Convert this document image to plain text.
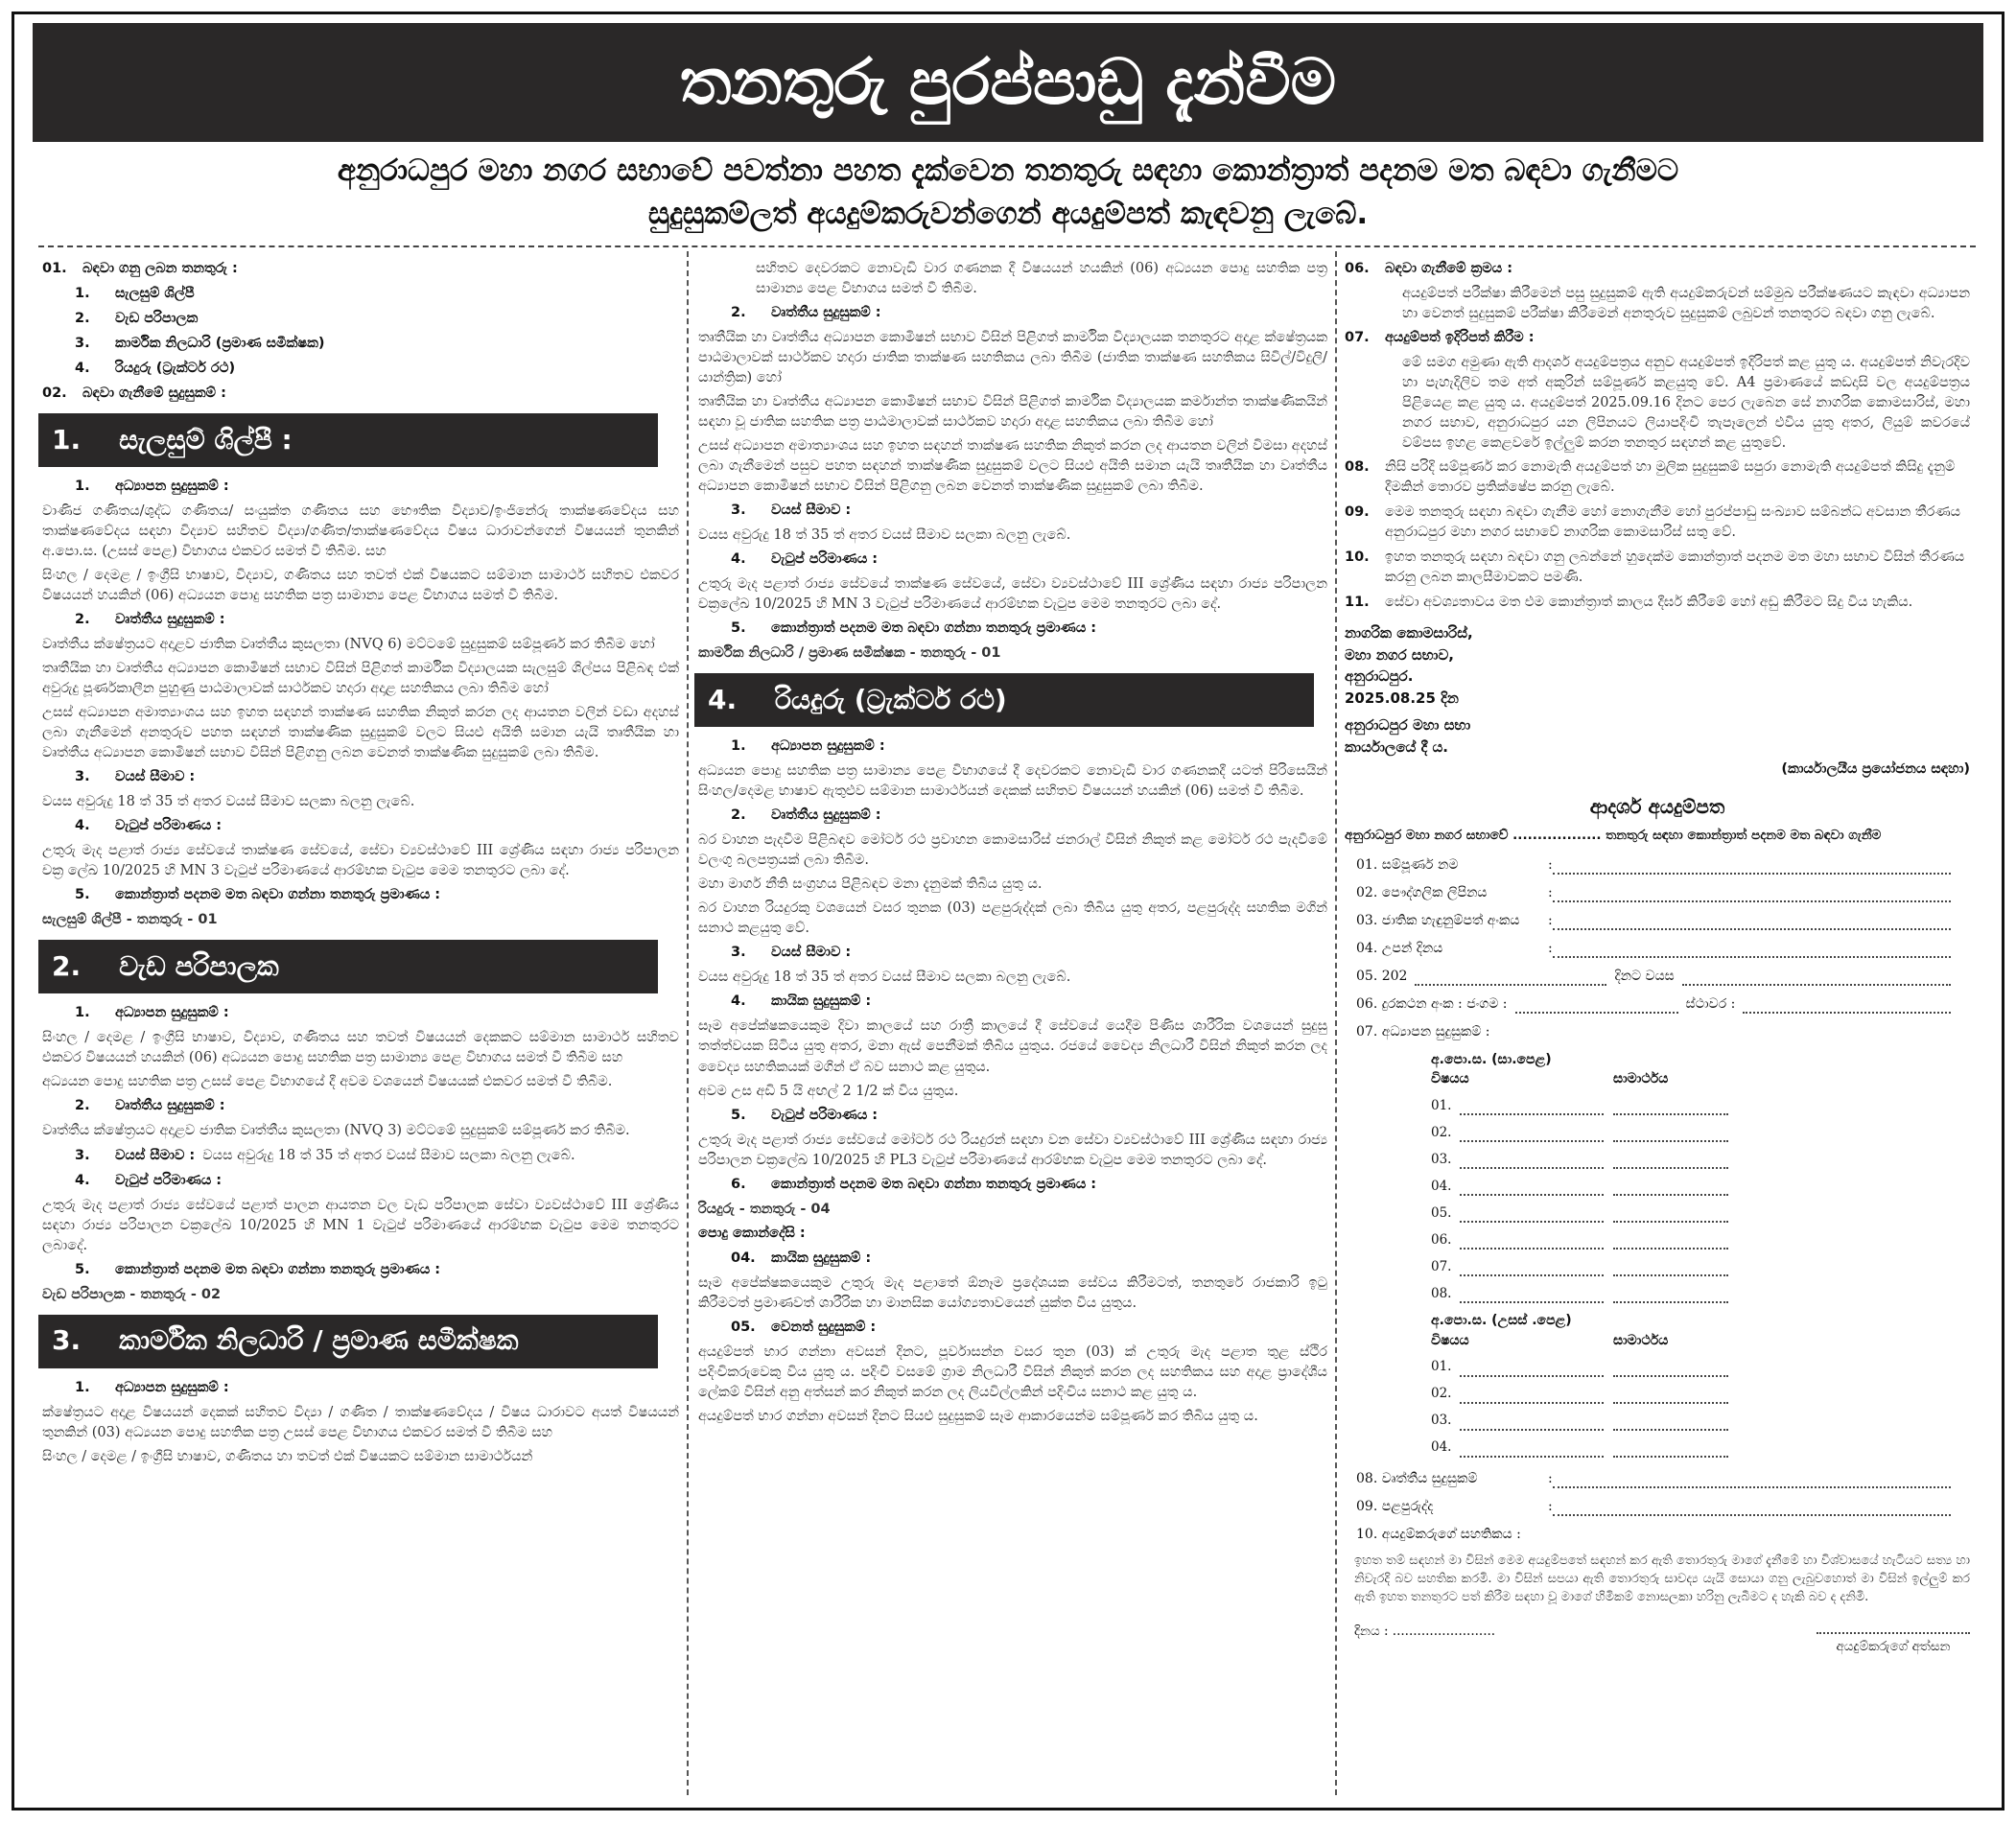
තනතුරු පුරප්පාඩු දැන්වීම
අනුරාධපුර මහා නගර සභාවේ පවත්නා පහත දැක්වෙන තනතුරු සඳහා කොන්ත්‍රාත් පදනම මත බඳවා ගැනීමට
සුදුසුකම්ලත් අයදුම්කරුවන්ගෙන් අයදුම්පත් කැඳවනු ලැබේ.
01.	බඳවා ගනු ලබන තනතුරු :
1.	සැලසුම් ශිල්පී
2.	වැඩ පරිපාලක
3.	කාර්මික නිලධාරි (ප්‍රමාණ සමීක්ෂක)
4.	රියදුරු (ට්‍රැක්ටර් රථ)
02.	බඳවා ගැනීමේ සුදුසුකම් :
1. සැලසුම් ශිල්පී :
1.	අධ්‍යාපන සුදුසුකම් :

වාණිජ ගණිතය/ශුද්ධ ගණිතය/ සංයුක්ත ගණිතය සහ භෞතික විද්‍යාව/ඉංජිනේරු තාක්ෂණවේදය සහ තාක්ෂණවේදය සඳහා විද්‍යාව සහිතව විද්‍යා/ගණිත/තාක්ෂණවේදය විෂය ධාරාවන්ගෙන් විෂයයන් තුනකින් අ.පො.ස. (උසස් පෙළ) විභාගය එකවර සමත් වී තිබීම. සහ

සිංහල / දෙමළ / ඉංග්‍රීසි භාෂාව, විද්‍යාව, ගණිතය සහ තවත් එක් විෂයකට සම්මාන සාමාර්ථ සහිතව එකවර විෂයයන් හයකින් (06) අධ්‍යයන පොදු සහතික පත්‍ර සාමාන්‍ය පෙළ විභාගය සමත් වී තිබීම.

2.	වෘත්තීය සුදුසුකම් :

වෘත්තීය ක්ෂේත්‍රයට අදාළව ජාතික වෘත්තීය කුසලතා (NVQ 6) මට්ටමේ සුදුසුකම් සම්පූර්ණ කර තිබීම හෝ

තෘතීයික හා වෘත්තීය අධ්‍යාපන කොමිෂන් සභාව විසින් පිළිගත් කාර්මික විද්‍යාලයක සැලසුම් ශිල්පය පිළිබඳ එක් අවුරුදු පූර්ණකාලීන පුහුණු පාඨමාලාවක් සාර්ථකව හදාරා අදාළ සහතිකය ලබා තිබීම හෝ

උසස් අධ්‍යාපන අමාත්‍යාංශය සහ ඉහත සඳහන් තාක්ෂණ සහතික නිකුත් කරන ලද ආයතන වලින් වඩා අදහස් ලබා ගැනීමෙන් අනතුරුව පහත සඳහන් තාක්ෂණික සුදුසුකම් වලට සියළු අයිති සමාන යැයි තෘතීයික හා වෘත්තීය අධ්‍යාපන කොමිෂන් සභාව විසින් පිළිගනු ලබන වෙනත් තාක්ෂණික සුදුසුකම් ලබා තිබීම.

3.	වයස් සීමාව :

වයස අවුරුදු 18 ත් 35 ත් අතර වයස් සීමාව සලකා බලනු ලැබේ.

4.	වැටුප් පරිමාණය :

උතුරු මැද පළාත් රාජ්‍ය සේවයේ තාක්ෂණ සේවයේ, සේවා ව්‍යවස්ථාවේ III ශ්‍රේණිය සඳහා රාජ්‍ය පරිපාලන චක්‍ර ලේඛ 10/2025 හි MN 3 වැටුප් පරිමාණයේ ආරම්භක වැටුප මෙම තනතුරට ලබා දේ.

5.	කොන්ත්‍රාත් පදනම මත බඳවා ගන්නා තනතුරු ප්‍රමාණය :

සැලසුම් ශිල්පී - තනතුරු - 01

2. වැඩ පරිපාලක
1.	අධ්‍යාපන සුදුසුකම් :

සිංහල / දෙමළ / ඉංග්‍රීසි භාෂාව, විද්‍යාව, ගණිතය සහ තවත් විෂයයන් දෙකකට සම්මාන සාමාර්ථ සහිතව එකවර විෂයයන් හයකින් (06) අධ්‍යයන පොදු සහතික පත්‍ර සාමාන්‍ය පෙළ විභාගය සමත් වී තිබීම සහ

අධ්‍යයන පොදු සහතික පත්‍ර උසස් පෙළ විභාගයේ දී අවම වශයෙන් විෂයයක් එකවර සමත් වී තිබීම.

2.	වෘත්තීය සුදුසුකම් :

වෘත්තීය ක්ෂේත්‍රයට අදාළව ජාතික වෘත්තීය කුසලතා (NVQ 3) මට්ටමේ සුදුසුකම් සම්පූර්ණ කර තිබීම.

3.	වයස් සීමාව : වයස අවුරුදු 18 ත් 35 ත් අතර වයස් සීමාව සලකා බලනු ලැබේ.
4.	වැටුප් පරිමාණය :

උතුරු මැද පළාත් රාජ්‍ය සේවයේ පළාත් පාලන ආයතන වල වැඩ පරිපාලක සේවා ව්‍යවස්ථාවේ III ශ්‍රේණිය සඳහා රාජ්‍ය පරිපාලන චක්‍රලේඛ 10/2025 හි MN 1 වැටුප් පරිමාණයේ ආරම්භක වැටුප මෙම තනතුරට ලබාදේ.

5.	කොන්ත්‍රාත් පදනම මත බඳවා ගන්නා තනතුරු ප්‍රමාණය :

වැඩ පරිපාලක - තනතුරු - 02

3. කාර්මික නිලධාරි / ප්‍රමාණ සමීක්ෂක
1.	අධ්‍යාපන සුදුසුකම් :

ක්ෂේත්‍රයට අදාළ විෂයයන් දෙකක් සහිතව විද්‍යා / ගණිත / තාක්ෂණවේදය / විෂය ධාරාවට අයත් විෂයයන් තුනකින් (03) අධ්‍යයන පොදු සහතික පත්‍ර උසස් පෙළ විභාගය එකවර සමත් වී තිබීම සහ

සිංහල / දෙමළ / ඉංග්‍රීසි භාෂාව, ගණිතය හා තවත් එක් විෂයකට සම්මාන සාමාර්ථයන්

සහිතව දෙවරකට නොවැඩි වාර ගණනක දී විෂයයන් හයකින් (06) අධ්‍යයන පොදු සහතික පත්‍ර සාමාන්‍ය පෙළ විභාගය සමත් වී තිබීම.

2.	වෘත්තීය සුදුසුකම් :

තෘතීයික හා වෘත්තීය අධ්‍යාපන කොමිෂන් සභාව විසින් පිළිගත් කාර්මික විද්‍යාලයක තනතුරට අදාළ ක්ෂේත්‍රයක පාඨමාලාවක් සාර්ථකව හදාරා ජාතික තාක්ෂණ සහතිකය ලබා තිබීම (ජාතික තාක්ෂණ සහතිකය සිවිල්/විදුලි/යාන්ත්‍රික) හෝ

තෘතීයික හා වෘත්තීය අධ්‍යාපන කොමිෂන් සභාව විසින් පිළිගත් කාර්මික විද්‍යාලයක කර්මාන්ත තාක්ෂණිකයින් සඳහා වූ ජාතික සහතික පත්‍ර පාඨමාලාවක් සාර්ථකව හදාරා අදාළ සහතිකය ලබා තිබීම හෝ

උසස් අධ්‍යාපන අමාත්‍යාංශය සහ ඉහත සඳහන් තාක්ෂණ සහතික නිකුත් කරන ලද ආයතන වලින් විමසා අදහස් ලබා ගැනීමෙන් පසුව පහත සඳහන් තාක්ෂණික සුදුසුකම් වලට සියළු අයිති සමාන යැයි තෘතීයික හා වෘත්තීය අධ්‍යාපන කොමිෂන් සභාව විසින් පිළිගනු ලබන වෙනත් තාක්ෂණික සුදුසුකම් ලබා තිබීම.

3.	වයස් සීමාව :

වයස අවුරුදු 18 ත් 35 ත් අතර වයස් සීමාව සලකා බලනු ලැබේ.

4.	වැටුප් පරිමාණය :

උතුරු මැද පළාත් රාජ්‍ය සේවයේ තාක්ෂණ සේවයේ, සේවා ව්‍යවස්ථාවේ III ශ්‍රේණිය සඳහා රාජ්‍ය පරිපාලන චක්‍රලේඛ 10/2025 හි MN 3 වැටුප් පරිමාණයේ ආරම්භක වැටුප මෙම තනතුරට ලබා දේ.

5.	කොන්ත්‍රාත් පදනම මත බඳවා ගන්නා තනතුරු ප්‍රමාණය :

කාර්මික නිලධාරි / ප්‍රමාණ සමීක්ෂක - තනතුරු - 01

4. රියදුරු (ට්‍රැක්ටර් රථ)
1.	අධ්‍යාපන සුදුසුකම් :

අධ්‍යයන පොදු සහතික පත්‍ර සාමාන්‍ය පෙළ විභාගයේ දී දෙවරකට නොවැඩි වාර ගණනකදී යටත් පිරිසෙයින් සිංහල/දෙමළ භාෂාව ඇතුළුව සම්මාන සාමාර්ථයන් දෙකක් සහිතව විෂයයන් හයකින් (06) සමත් වී තිබීම.

2.	වෘත්තීය සුදුසුකම් :

බර වාහන පැදවීම පිළිබඳව මෝටර් රථ ප්‍රවාහන කොමසාරිස් ජනරාල් විසින් නිකුත් කළ මෝටර් රථ පැදවීමේ වලංගු බලපත්‍රයක් ලබා තිබීම.

මහා මාර්ග නීති සංග්‍රහය පිළිබඳව මනා දැනුමක් තිබිය යුතු ය.

බර වාහන රියදුරකු වශයෙන් වසර තුනක (03) පළපුරුද්දක් ලබා තිබිය යුතු අතර, පළපුරුද්ද සහතික මගින් සනාථ කළයුතු වේ.

3.	වයස් සීමාව :

වයස අවුරුදු 18 ත් 35 ත් අතර වයස් සීමාව සලකා බලනු ලැබේ.

4.	කායික සුදුසුකම් :

සෑම අපේක්ෂකයෙකුම දිවා කාලයේ සහ රාත්‍රී කාලයේ දී සේවයේ යෙදීම පිණිස ශාරීරික වශයෙන් සුදුසු තත්ත්වයක සිටිය යුතු අතර, මනා ඇස් පෙනීමක් තිබිය යුතුය. රජයේ වෛද්‍ය නිලධාරී විසින් නිකුත් කරන ලද වෛද්‍ය සහතිකයක් මගින් ඒ බව සනාථ කළ යුතුය.

අවම උස අඩි 5 යි අඟල් 2 1/2 ක් විය යුතුය.

5.	වැටුප් පරිමාණය :

උතුරු මැද පළාත් රාජ්‍ය සේවයේ මෝටර් රථ රියදුරන් සඳහා වන සේවා ව්‍යවස්ථාවේ III ශ්‍රේණිය සඳහා රාජ්‍ය පරිපාලන චක්‍රලේඛ 10/2025 හි PL3 වැටුප් පරිමාණයේ ආරම්භක වැටුප මෙම තනතුරට ලබා දේ.

6.	කොන්ත්‍රාත් පදනම මත බඳවා ගන්නා තනතුරු ප්‍රමාණය :

රියදුරු - තනතුරු - 04

පොදු කොන්දේසි :
04.	කායික සුදුසුකම් :

සෑම අපේක්ෂකයෙකුම උතුරු මැද පළාතේ ඕනෑම ප්‍රදේශයක සේවය කිරීමටත්, තනතුරේ රාජකාරි ඉටු කිරීමටත් ප්‍රමාණවත් ශාරීරික හා මානසික යෝග්‍යතාවයෙන් යුක්ත විය යුතුය.

05.	වෙනත් සුදුසුකම් :

අයදුම්පත් භාර ගන්නා අවසන් දිනට, පූර්වාසන්න වසර තුන (03) ක් උතුරු මැද පළාත තුළ ස්ථිර පදිංචිකරුවෙකු විය යුතු ය. පදිංචි වසමේ ග්‍රාම නිලධාරී විසින් නිකුත් කරන ලද සහතිකය සහ අදාළ ප්‍රාදේශීය ලේකම් විසින් අනු අත්සන් කර නිකුත් කරන ලද ලියවිල්ලකින් පදිංචිය සනාථ කළ යුතු ය.

අයදුම්පත් භාර ගන්නා අවසන් දිනට සියළු සුදුසුකම් සෑම ආකාරයෙන්ම සම්පූර්ණ කර තිබිය යුතු ය.

06.	බඳවා ගැනීමේ ක්‍රමය :

අයදුම්පත් පරීක්ෂා කිරීමෙන් පසු සුදුසුකම් ඇති අයදුම්කරුවන් සම්මුඛ පරීක්ෂණයට කැඳවා අධ්‍යාපන හා වෙනත් සුදුසුකම් පරීක්ෂා කිරීමෙන් අනතුරුව සුදුසුකම් ලබුවන් තනතුරට බඳවා ගනු ලැබේ.

07.	අයදුම්පත් ඉදිරිපත් කිරීම :

මේ සමග අමුණා ඇති ආදර්ශ අයදුම්පත්‍රය අනුව අයදුම්පත් ඉදිරිපත් කළ යුතු ය. අයදුම්පත් නිවැරදිව හා පැහැදිලිව තම අත් අකුරින් සම්පූර්ණ කළයුතු වේ. A4 ප්‍රමාණයේ කඩදාසි වල අයදුම්පත්‍රය පිළියෙළ කළ යුතු ය. අයදුම්පත් 2025.09.16 දිනට පෙර ලැබෙන සේ නාගරික කොමසාරිස්, මහා නගර සභාව, අනුරාධපුර යන ලිපිනයට ලියාපදිංචි තැපෑලෙන් එවිය යුතු අතර, ලියුම් කවරයේ වම්පස ඉහළ කෙළවරේ ඉල්ලුම් කරන තනතුර සඳහන් කළ යුතුවේ.

08.	නිසි පරිදි සම්පූර්ණ කර නොමැති අයදුම්පත් හා මුලික සුදුසුකම් සපුරා නොමැති අයදුම්පත් කිසිදු දැනුම් දීමකින් තොරව ප්‍රතික්ෂේප කරනු ලැබේ.
09.	මෙම තනතුරු සඳහා බඳවා ගැනීම හෝ නොගැනීම හෝ පුරප්පාඩු සංඛ්‍යාව සම්බන්ධ අවසාන තීරණය අනුරාධපුර මහා නගර සභාවේ නාගරික කොමසාරිස් සතු වේ.
10.	ඉහත තනතුරු සඳහා බඳවා ගනු ලබන්නේ හුදෙක්ම කොන්ත්‍රාත් පදනම මත මහා සභාව විසින් තීරණය කරනු ලබන කාලසීමාවකට පමණි.
11.	සේවා අවශ්‍යතාවය මත එම කොන්ත්‍රාත් කාලය දීර්ඝ කිරීමේ හෝ අඩු කිරීමට සිදු විය හැකිය.
නාගරික කොමසාරිස්,
මහා නගර සභාව,
අනුරාධපුර.
2025.08.25 දින
අනුරාධපුර මහා සභා
කාර්යාලයේ දී ය.
(කාර්යාලයීය ප්‍රයෝජනය සඳහා)
ආදර්ශ අයදුම්පත
අනුරාධපුර මහා නගර සභාවේ .................. තනතුරු සඳහා කොන්ත්‍රාත් පදනම මත බඳවා ගැනීම
01. සම්පූර්ණ නම	:
02. පෞද්ගලික ලිපිනය	:
03. ජාතික හැඳුනුම්පත් අංකය	:
04. උපන් දිනය	:
05. 202	දිනට වයස
06. දුරකථන අංක : ජංගම :	ස්ථාවර :
07. අධ්‍යාපන සුදුසුකම් :
අ.පො.ස. (සා.පෙළ)
විෂයය	සාමාර්ථය
01.
02.
03.
04.
05.
06.
07.
08.
අ.පො.ස. (උසස් .පෙළ)
විෂයය	සාමාර්ථය
01.
02.
03.
04.
08. වෘත්තීය සුදුසුකම්	:
09. පළපුරුද්ද	:
10. අයදුම්කරුගේ සහතිකය :

ඉහත තම් සඳහන් මා විසින් මෙම අයදුම්පතේ සඳහන් කර ඇති තොරතුරු මාගේ දැනීමේ හා විශ්වාසයේ හැටියට සත්‍ය හා නිවැරදි බව සහතික කරමි. මා විසින් සපයා ඇති තොරතුරු සාවද්‍ය යැයි සොයා ගනු ලැබුවහොත් මා විසින් ඉල්ලුම් කර ඇති ඉහත තනතුරට පත් කිරීම සඳහා වූ මාගේ හිමිකම් නොසලකා හරිනු ලැබීමට ද හැකි බව ද දනිමි.

දිනය : .........................
අයදුම්කරුගේ අත්සන
